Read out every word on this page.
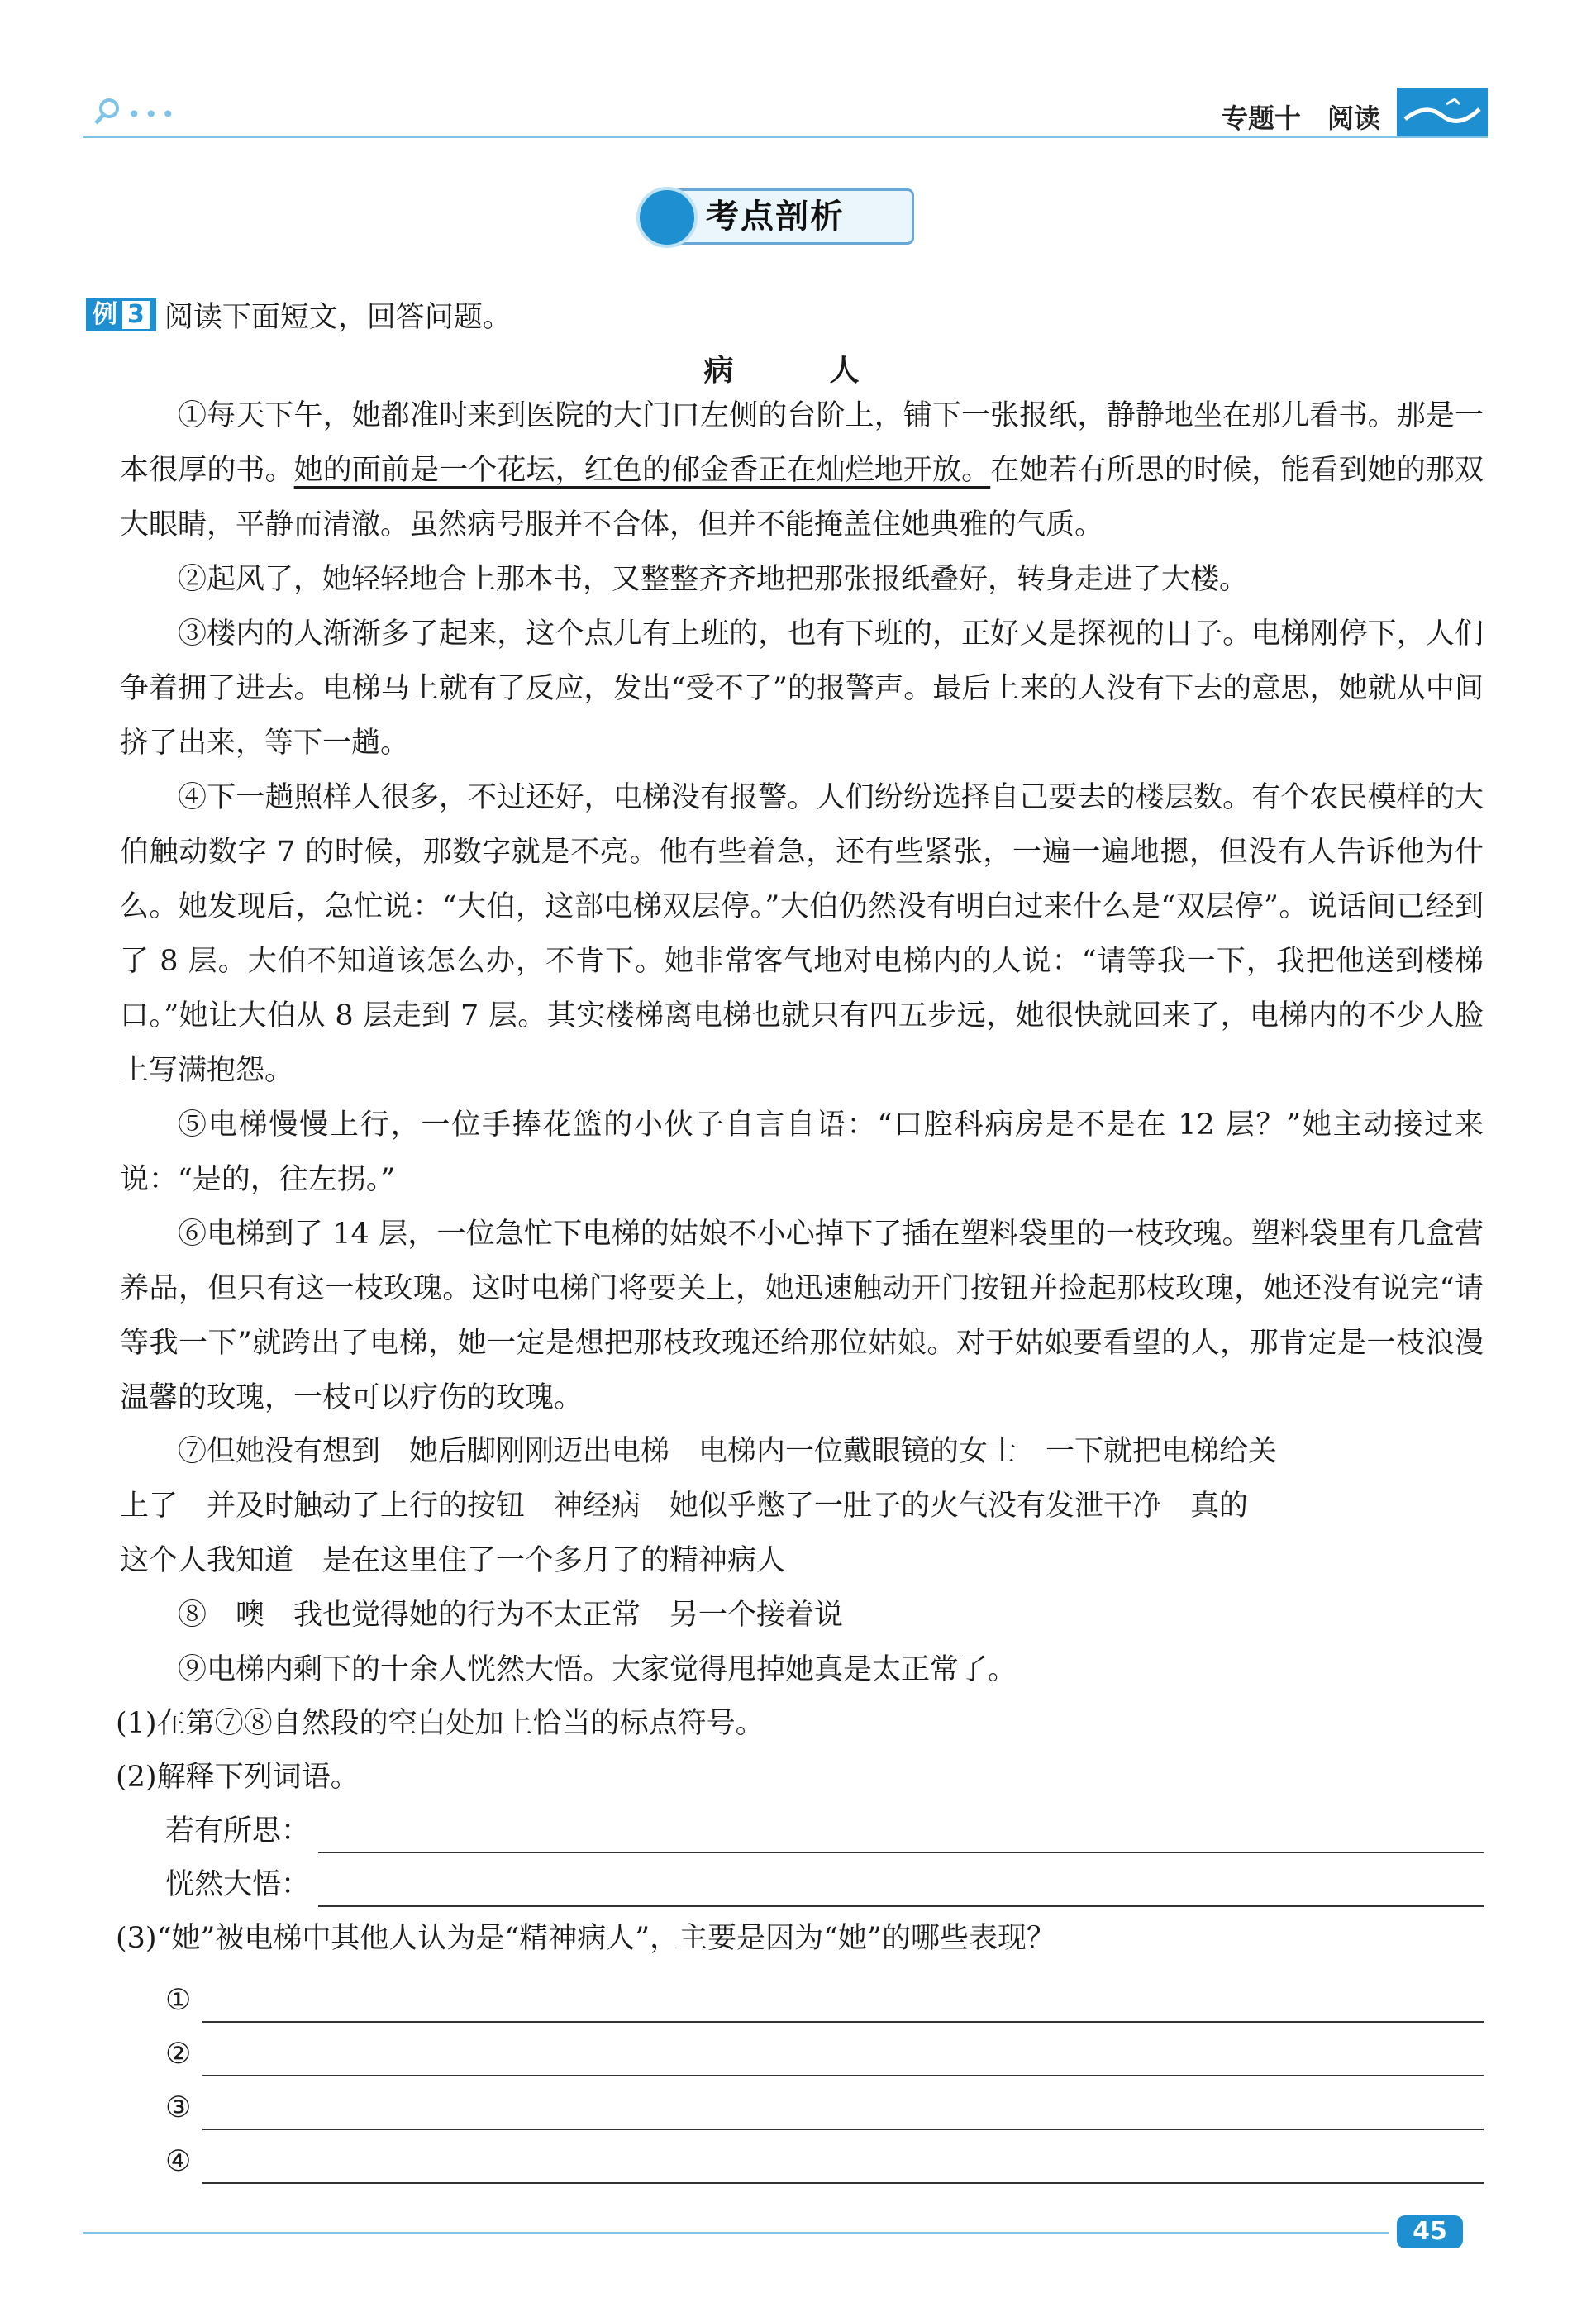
•••	专题十　阅读
考点剖析
例 3 阅读下面短文，回答问题。
病　人
①每天下午，她都准时来到医院的大门口左侧的台阶上，铺下一张报纸，静静地坐在那儿看书。那是一本很厚的书。她的面前是一个花坛，红色的郁金香正在灿烂地开放。在她若有所思的时候，能看到她的那双大眼睛，平静而清澈。虽然病号服并不合体，但并不能掩盖住她典雅的气质。
②起风了，她轻轻地合上那本书，又整整齐齐地把那张报纸叠好，转身走进了大楼。
③楼内的人渐渐多了起来，这个点儿有上班的，也有下班的，正好又是探视的日子。电梯刚停下，人们争着拥了进去。电梯马上就有了反应，发出“受不了”的报警声。最后上来的人没有下去的意思，她就从中间挤了出来，等下一趟。
④下一趟照样人很多，不过还好，电梯没有报警。人们纷纷选择自己要去的楼层数。有个农民模样的大伯触动数字 7 的时候，那数字就是不亮。他有些着急，还有些紧张，一遍一遍地摁，但没有人告诉他为什么。她发现后，急忙说：“大伯，这部电梯双层停。”大伯仍然没有明白过来什么是“双层停”。说话间已经到了 8 层。大伯不知道该怎么办，不肯下。她非常客气地对电梯内的人说：“请等我一下，我把他送到楼梯口。”她让大伯从 8 层走到 7 层。其实楼梯离电梯也就只有四五步远，她很快就回来了，电梯内的不少人脸上写满抱怨。
⑤电梯慢慢上行，一位手捧花篮的小伙子自言自语：“口腔科病房是不是在 12 层？”她主动接过来说：“是的，往左拐。”
⑥电梯到了 14 层，一位急忙下电梯的姑娘不小心掉下了插在塑料袋里的一枝玫瑰。塑料袋里有几盒营养品，但只有这一枝玫瑰。这时电梯门将要关上，她迅速触动开门按钮并捡起那枝玫瑰，她还没有说完“请等我一下”就跨出了电梯，她一定是想把那枝玫瑰还给那位姑娘。对于姑娘要看望的人，那肯定是一枝浪漫温馨的玫瑰，一枝可以疗伤的玫瑰。
⑦但她没有想到　她后脚刚刚迈出电梯　电梯内一位戴眼镜的女士　一下就把电梯给关
上了　并及时触动了上行的按钮　神经病　她似乎憋了一肚子的火气没有发泄干净　真的
这个人我知道　是在这里住了一个多月了的精神病人
⑧　噢　我也觉得她的行为不太正常　另一个接着说
⑨电梯内剩下的十余人恍然大悟。大家觉得甩掉她真是太正常了。
(1)在第⑦⑧自然段的空白处加上恰当的标点符号。
(2)解释下列词语。
若有所思：
恍然大悟：
(3)“她”被电梯中其他人认为是“精神病人”，主要是因为“她”的哪些表现？
①
②
③
④
45
